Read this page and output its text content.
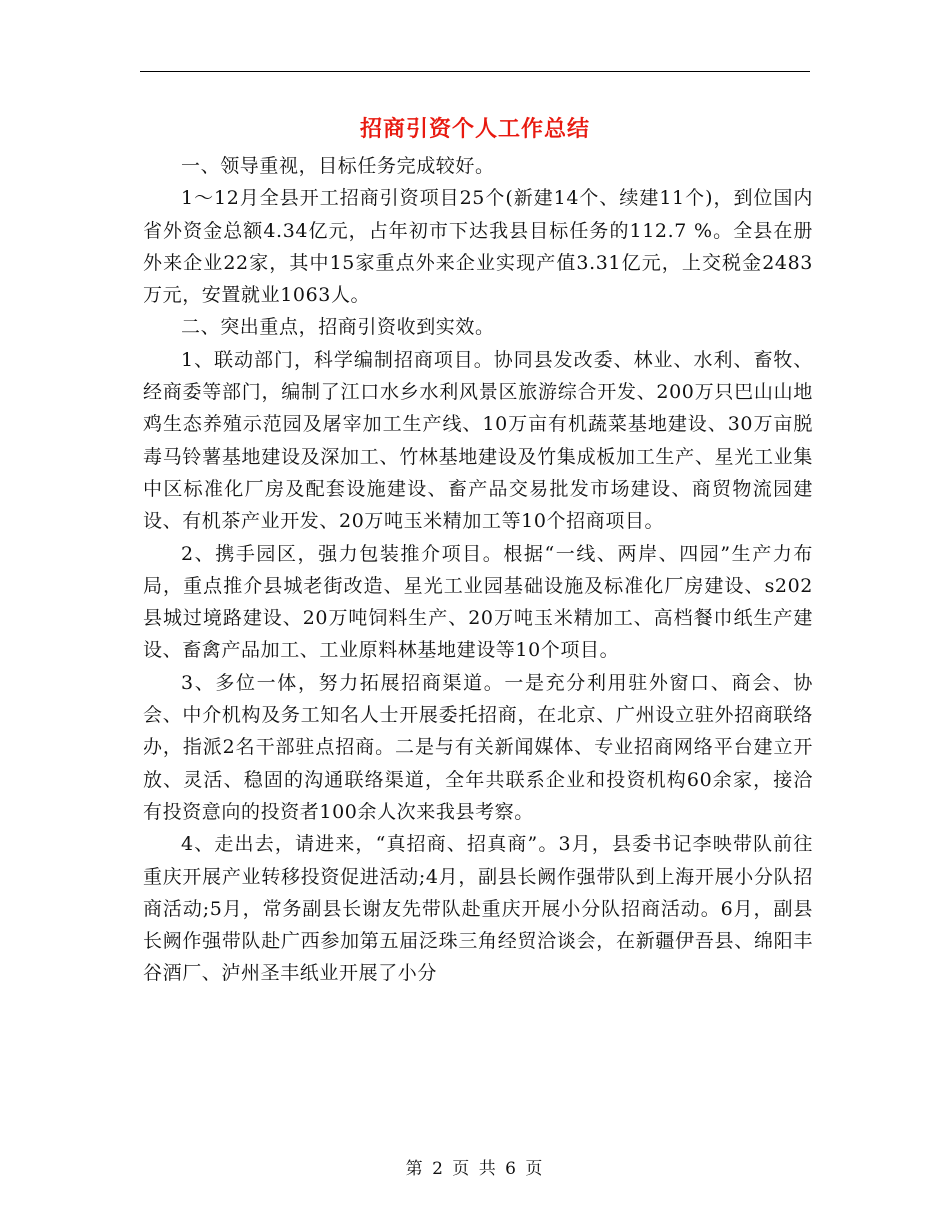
招商引资个人工作总结

一、领导重视，目标任务完成较好。

1～12月全县开工招商引资项目25个(新建14个、续建11个)，到位国内省外资金总额4.34亿元，占年初市下达我县目标任务的112.7 %。全县在册外来企业22家，其中15家重点外来企业实现产值3.31亿元，上交税金2483万元，安置就业1063人。

二、突出重点，招商引资收到实效。

1、联动部门，科学编制招商项目。协同县发改委、林业、水利、畜牧、经商委等部门，编制了江口水乡水利风景区旅游综合开发、200万只巴山山地鸡生态养殖示范园及屠宰加工生产线、10万亩有机蔬菜基地建设、30万亩脱毒马铃薯基地建设及深加工、竹林基地建设及竹集成板加工生产、星光工业集中区标准化厂房及配套设施建设、畜产品交易批发市场建设、商贸物流园建设、有机茶产业开发、20万吨玉米精加工等10个招商项目。

2、携手园区，强力包装推介项目。根据“一线、两岸、四园”生产力布局，重点推介县城老街改造、星光工业园基础设施及标准化厂房建设、s202县城过境路建设、20万吨饲料生产、20万吨玉米精加工、高档餐巾纸生产建设、畜禽产品加工、工业原料林基地建设等10个项目。

3、多位一体，努力拓展招商渠道。一是充分利用驻外窗口、商会、协会、中介机构及务工知名人士开展委托招商，在北京、广州设立驻外招商联络办，指派2名干部驻点招商。二是与有关新闻媒体、专业招商网络平台建立开放、灵活、稳固的沟通联络渠道，全年共联系企业和投资机构60余家，接洽有投资意向的投资者100余人次来我县考察。

4、走出去，请进来，“真招商、招真商”。3月，县委书记李映带队前往重庆开展产业转移投资促进活动;4月，副县长阙作强带队到上海开展小分队招商活动;5月，常务副县长谢友先带队赴重庆开展小分队招商活动。6月，副县长阙作强带队赴广西参加第五届泛珠三角经贸洽谈会，在新疆伊吾县、绵阳丰谷酒厂、泸州圣丰纸业开展了小分

第 2 页 共 6 页
